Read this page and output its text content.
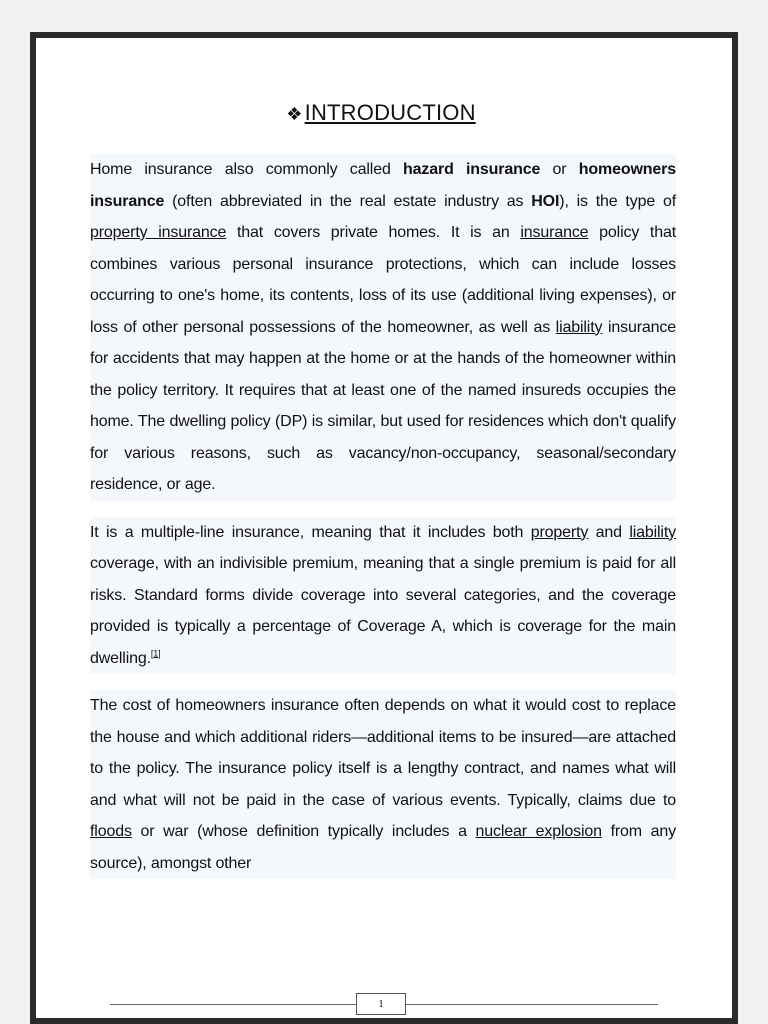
❖INTRODUCTION

Home insurance also commonly called hazard insurance or homeowners insurance (often abbreviated in the real estate industry as HOI), is the type of property insurance that covers private homes. It is an insurance policy that combines various personal insurance protections, which can include losses occurring to one's home, its contents, loss of its use (additional living expenses), or loss of other personal possessions of the homeowner, as well as liability insurance for accidents that may happen at the home or at the hands of the homeowner within the policy territory. It requires that at least one of the named insureds occupies the home. The dwelling policy (DP) is similar, but used for residences which don't qualify for various reasons, such as vacancy/non-occupancy, seasonal/secondary residence, or age.

It is a multiple-line insurance, meaning that it includes both property and liability coverage, with an indivisible premium, meaning that a single premium is paid for all risks. Standard forms divide coverage into several categories, and the coverage provided is typically a percentage of Coverage A, which is coverage for the main dwelling.[1]

The cost of homeowners insurance often depends on what it would cost to replace the house and which additional riders—additional items to be insured—are attached to the policy. The insurance policy itself is a lengthy contract, and names what will and what will not be paid in the case of various events. Typically, claims due to floods or war (whose definition typically includes a nuclear explosion from any source), amongst other

1
